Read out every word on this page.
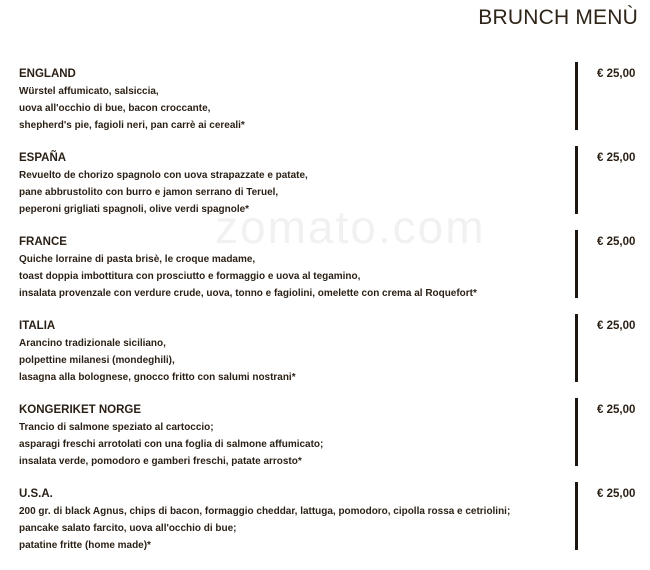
zomato.com
BRUNCH MENÙ
ENGLAND
Würstel affumicato, salsiccia,
uova all'occhio di bue, bacon croccante,
shepherd's pie, fagioli neri, pan carrè ai cereali*
€ 25,00
ESPAÑA
Revuelto de chorizo spagnolo con uova strapazzate e patate,
pane abbrustolito con burro e jamon serrano di Teruel,
peperoni grigliati spagnoli, olive verdi spagnole*
€ 25,00
FRANCE
Quiche lorraine di pasta brisè, le croque madame,
toast doppia imbottitura con prosciutto e formaggio e uova al tegamino,
insalata provenzale con verdure crude, uova, tonno e fagiolini, omelette con crema al Roquefort*
€ 25,00
ITALIA
Arancino tradizionale siciliano,
polpettine milanesi (mondeghili),
lasagna alla bolognese, gnocco fritto con salumi nostrani*
€ 25,00
KONGERIKET NORGE
Trancio di salmone speziato al cartoccio;
asparagi freschi arrotolati con una foglia di salmone affumicato;
insalata verde, pomodoro e gamberi freschi, patate arrosto*
€ 25,00
U.S.A.
200 gr. di black Agnus, chips di bacon, formaggio cheddar, lattuga, pomodoro, cipolla rossa e cetriolini;
pancake salato farcito, uova all'occhio di bue;
patatine fritte (home made)*
€ 25,00
